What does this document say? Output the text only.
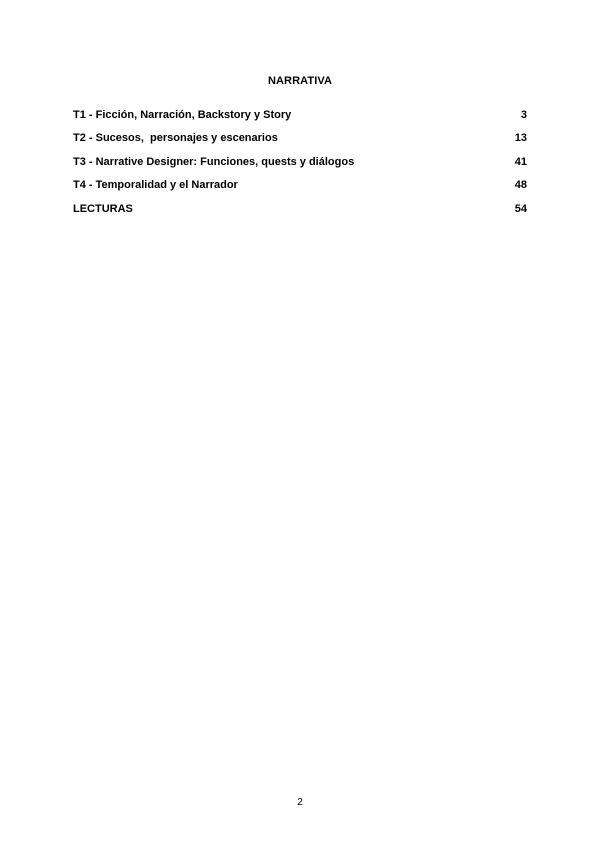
NARRATIVA
T1 - Ficción, Narración, Backstory y Story	3
T2 - Sucesos,  personajes y escenarios	13
T3 - Narrative Designer: Funciones, quests y diálogos	41
T4 - Temporalidad y el Narrador	48
LECTURAS	54
2
